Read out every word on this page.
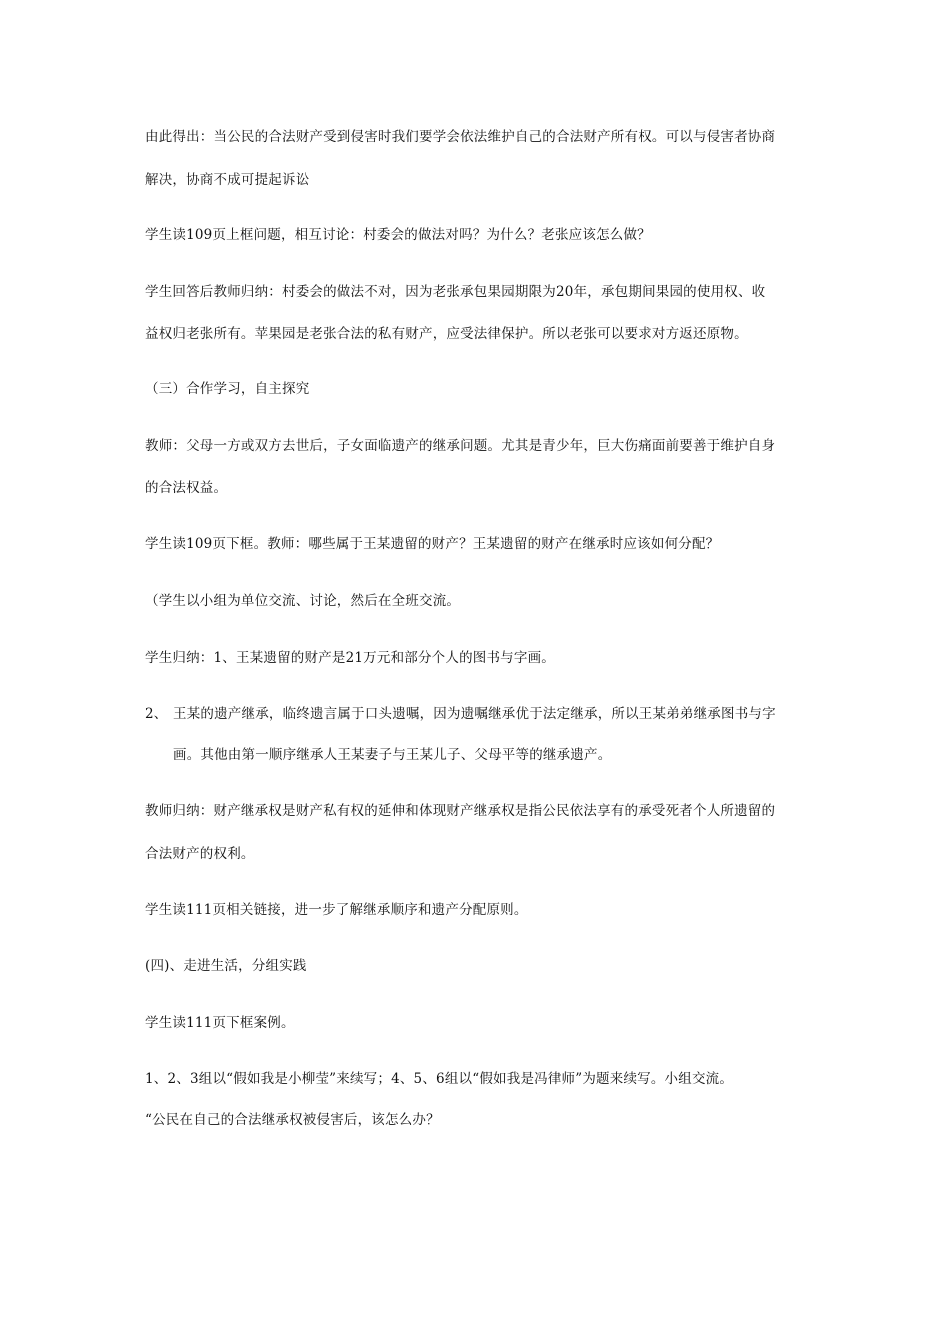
由此得出：当公民的合法财产受到侵害时我们要学会依法维护自己的合法财产所有权。可以与侵害者协商
解决，协商不成可提起诉讼
学生读109页上框问题，相互讨论：村委会的做法对吗？为什么？老张应该怎么做？
学生回答后教师归纳：村委会的做法不对，因为老张承包果园期限为20年，承包期间果园的使用权、收
益权归老张所有。苹果园是老张合法的私有财产，应受法律保护。所以老张可以要求对方返还原物。
（三）合作学习，自主探究
教师：父母一方或双方去世后，子女面临遗产的继承问题。尤其是青少年，巨大伤痛面前要善于维护自身
的合法权益。
学生读109页下框。教师：哪些属于王某遗留的财产？王某遗留的财产在继承时应该如何分配？
（学生以小组为单位交流、讨论，然后在全班交流。
学生归纳：1、王某遗留的财产是21万元和部分个人的图书与字画。
2、 王某的遗产继承，临终遗言属于口头遗嘱，因为遗嘱继承优于法定继承，所以王某弟弟继承图书与字
画。其他由第一顺序继承人王某妻子与王某儿子、父母平等的继承遗产。
教师归纳：财产继承权是财产私有权的延伸和体现财产继承权是指公民依法享有的承受死者个人所遗留的
合法财产的权利。
学生读111页相关链接，进一步了解继承顺序和遗产分配原则。
(四)、走进生活，分组实践
学生读111页下框案例。
1、2、3组以“假如我是小柳莹”来续写；4、5、6组以“假如我是冯律师”为题来续写。小组交流。
“公民在自己的合法继承权被侵害后，该怎么办？
